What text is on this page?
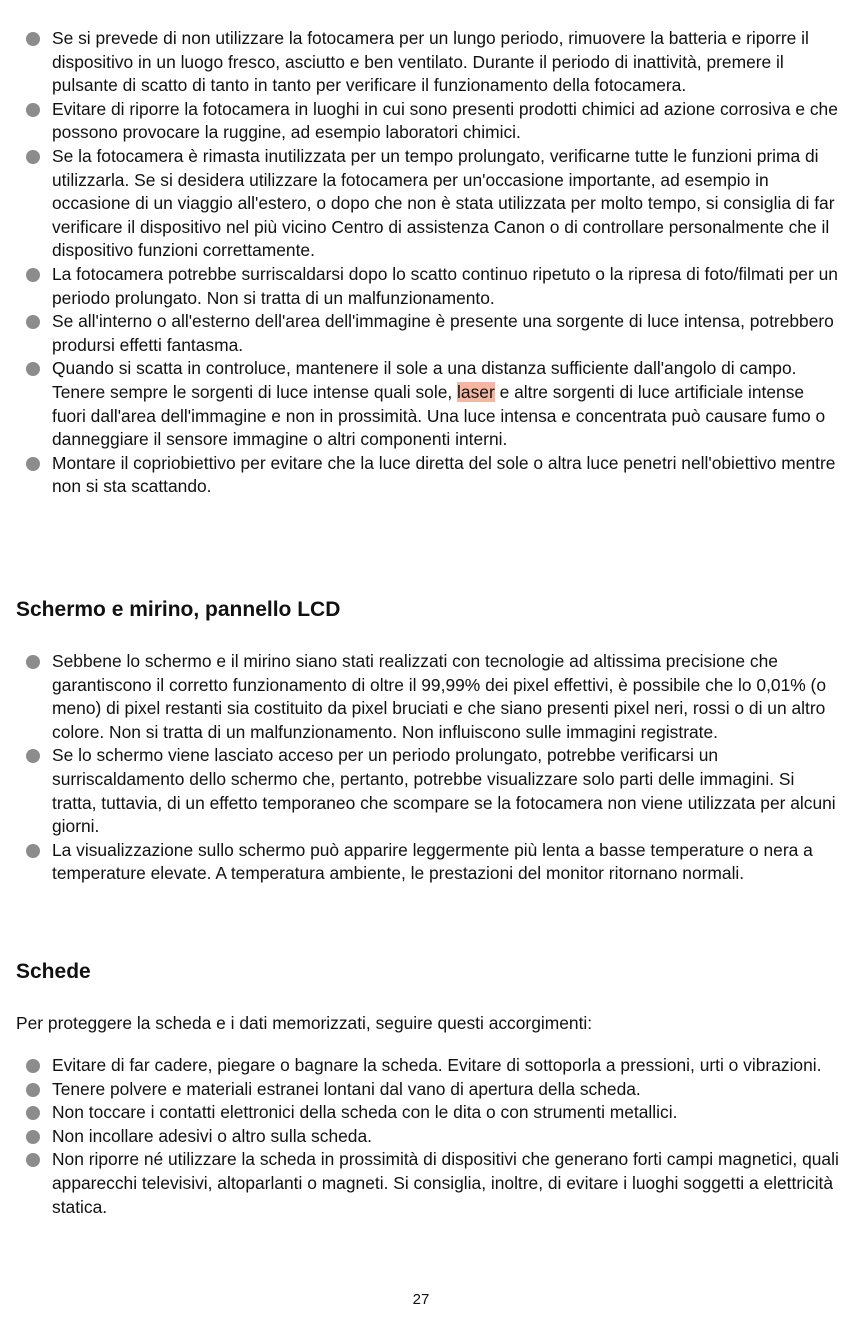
Se si prevede di non utilizzare la fotocamera per un lungo periodo, rimuovere la batteria e riporre il dispositivo in un luogo fresco, asciutto e ben ventilato. Durante il periodo di inattività, premere il pulsante di scatto di tanto in tanto per verificare il funzionamento della fotocamera.
Evitare di riporre la fotocamera in luoghi in cui sono presenti prodotti chimici ad azione corrosiva e che possono provocare la ruggine, ad esempio laboratori chimici.
Se la fotocamera è rimasta inutilizzata per un tempo prolungato, verificarne tutte le funzioni prima di utilizzarla. Se si desidera utilizzare la fotocamera per un'occasione importante, ad esempio in occasione di un viaggio all'estero, o dopo che non è stata utilizzata per molto tempo, si consiglia di far verificare il dispositivo nel più vicino Centro di assistenza Canon o di controllare personalmente che il dispositivo funzioni correttamente.
La fotocamera potrebbe surriscaldarsi dopo lo scatto continuo ripetuto o la ripresa di foto/filmati per un periodo prolungato. Non si tratta di un malfunzionamento.
Se all'interno o all'esterno dell'area dell'immagine è presente una sorgente di luce intensa, potrebbero prodursi effetti fantasma.
Quando si scatta in controluce, mantenere il sole a una distanza sufficiente dall'angolo di campo. Tenere sempre le sorgenti di luce intense quali sole, laser e altre sorgenti di luce artificiale intense fuori dall'area dell'immagine e non in prossimità. Una luce intensa e concentrata può causare fumo o danneggiare il sensore immagine o altri componenti interni.
Montare il copriobiettivo per evitare che la luce diretta del sole o altra luce penetri nell'obiettivo mentre non si sta scattando.
Schermo e mirino, pannello LCD
Sebbene lo schermo e il mirino siano stati realizzati con tecnologie ad altissima precisione che garantiscono il corretto funzionamento di oltre il 99,99% dei pixel effettivi, è possibile che lo 0,01% (o meno) di pixel restanti sia costituito da pixel bruciati e che siano presenti pixel neri, rossi o di un altro colore. Non si tratta di un malfunzionamento. Non influiscono sulle immagini registrate.
Se lo schermo viene lasciato acceso per un periodo prolungato, potrebbe verificarsi un surriscaldamento dello schermo che, pertanto, potrebbe visualizzare solo parti delle immagini. Si tratta, tuttavia, di un effetto temporaneo che scompare se la fotocamera non viene utilizzata per alcuni giorni.
La visualizzazione sullo schermo può apparire leggermente più lenta a basse temperature o nera a temperature elevate. A temperatura ambiente, le prestazioni del monitor ritornano normali.
Schede

Per proteggere la scheda e i dati memorizzati, seguire questi accorgimenti:

Evitare di far cadere, piegare o bagnare la scheda. Evitare di sottoporla a pressioni, urti o vibrazioni.
Tenere polvere e materiali estranei lontani dal vano di apertura della scheda.
Non toccare i contatti elettronici della scheda con le dita o con strumenti metallici.
Non incollare adesivi o altro sulla scheda.
Non riporre né utilizzare la scheda in prossimità di dispositivi che generano forti campi magnetici, quali apparecchi televisivi, altoparlanti o magneti. Si consiglia, inoltre, di evitare i luoghi soggetti a elettricità statica.
27
